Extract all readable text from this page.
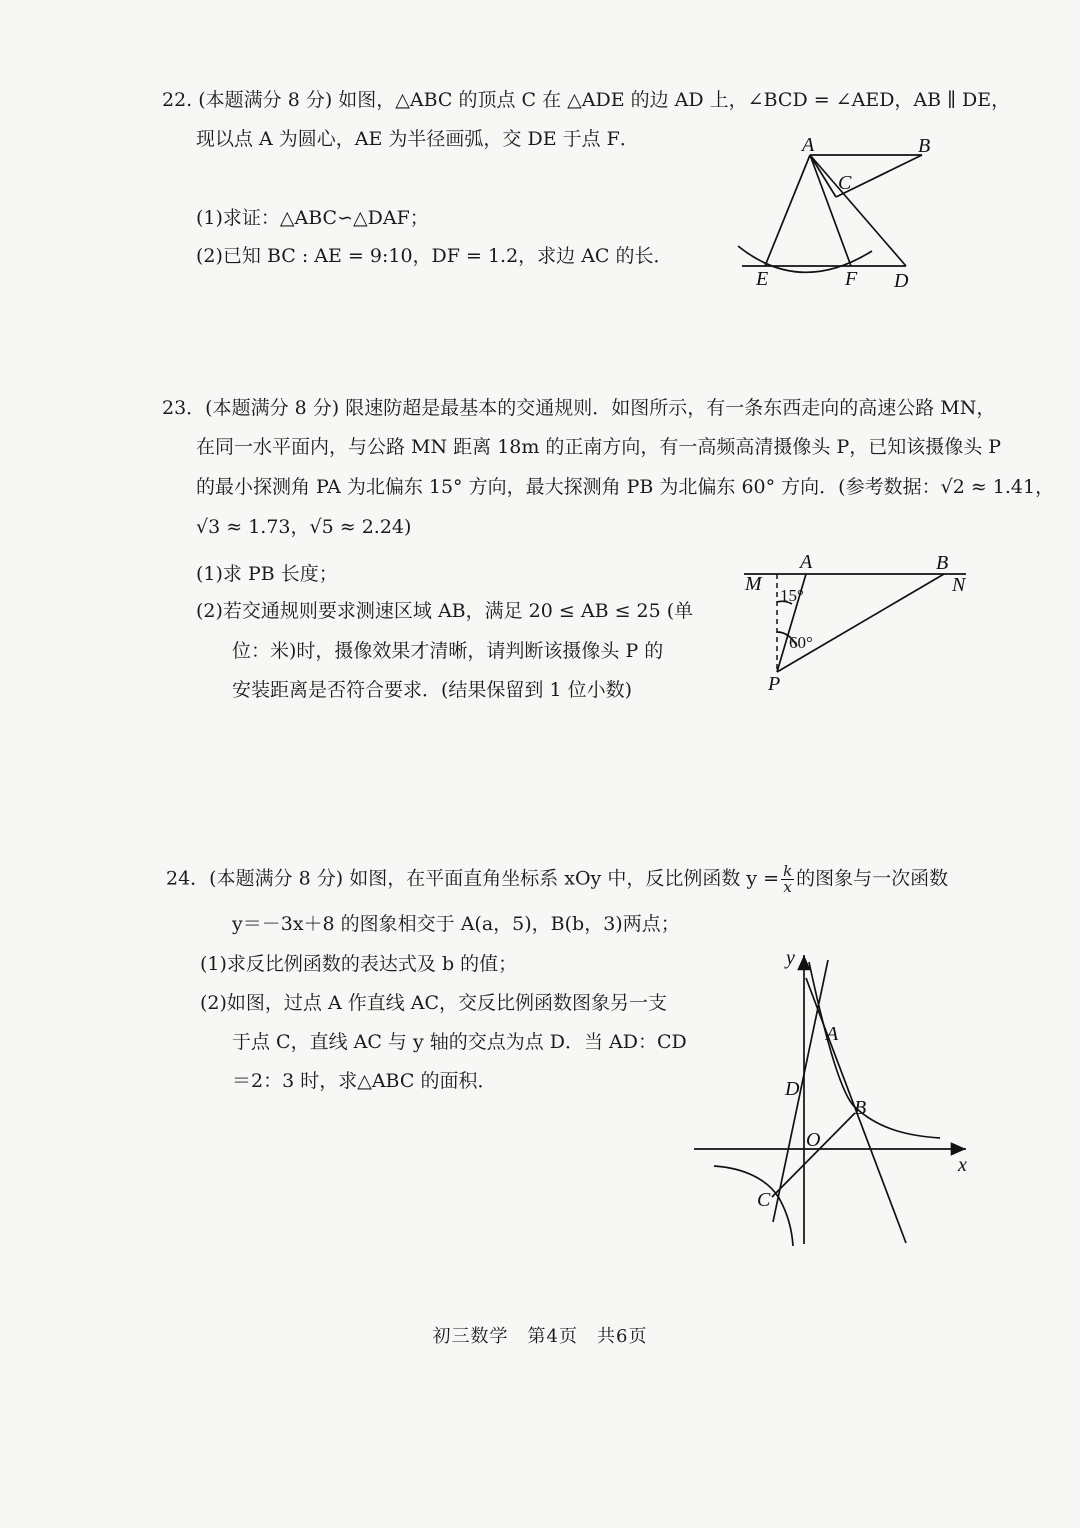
22. (本题满分 8 分) 如图，△ABC 的顶点 C 在 △ADE 的边 AD 上，∠BCD = ∠AED，AB ∥ DE，
现以点 A 为圆心，AE 为半径画弧，交 DE 于点 F．
(1)求证：△ABC∽△DAF；
(2)已知 BC : AE = 9:10，DF = 1.2，求边 AC 的长．
A	B
C
D
E	F
23．(本题满分 8 分) 限速防超是最基本的交通规则．如图所示，有一条东西走向的高速公路 MN，
在同一水平面内，与公路 MN 距离 18m 的正南方向，有一高频高清摄像头 P，已知该摄像头 P
的最小探测角 PA 为北偏东 15° 方向，最大探测角 PB 为北偏东 60° 方向．(参考数据：√2 ≈ 1.41，
√3 ≈ 1.73，√5 ≈ 2.24)
(1)求 PB 长度；
(2)若交通规则要求测速区域 AB，满足 20 ≤ AB ≤ 25 (单
位：米)时，摄像效果才清晰，请判断该摄像头 P 的
安装距离是否符合要求．(结果保留到 1 位小数)
A	B
M	N
P
15°
60°
24．(本题满分 8 分) 如图，在平面直角坐标系 xOy 中，反比例函数 $y = \frac{k}{x}$ 的图象与一次函数
y＝－3x＋8 的图象相交于 A(a，5)，B(b，3)两点；
(1)求反比例函数的表达式及 b 的值；
(2)如图，过点 A 作直线 AC，交反比例函数图象另一支
于点 C，直线 AC 与 y 轴的交点为点 D．当 AD：CD
＝2：3 时，求△ABC 的面积．
y
x
O
A
B
C
D
初三数学　第4页　共6页
